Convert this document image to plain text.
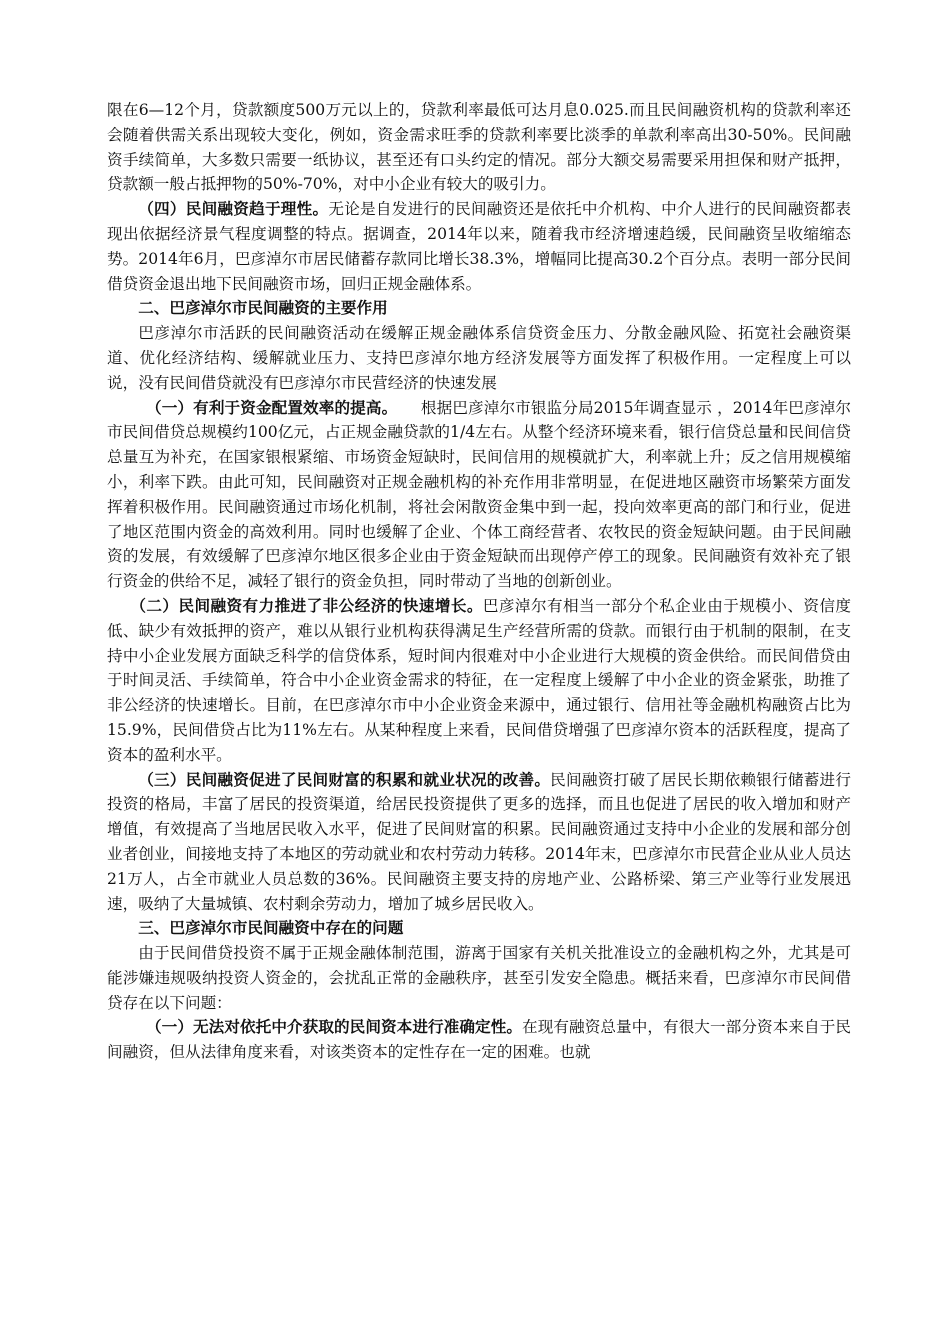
限在6—12个月，贷款额度500万元以上的，贷款利率最低可达月息0.025.而且民间融资机构的贷款利率还会随着供需关系出现较大变化，例如，资金需求旺季的贷款利率要比淡季的单款利率高出30-50%。民间融资手续简单，大多数只需要一纸协议，甚至还有口头约定的情况。部分大额交易需要采用担保和财产抵押，贷款额一般占抵押物的50%-70%，对中小企业有较大的吸引力。

（四）民间融资趋于理性。无论是自发进行的民间融资还是依托中介机构、中介人进行的民间融资都表现出依据经济景气程度调整的特点。据调查，2014年以来，随着我市经济增速趋缓，民间融资呈收缩缩态势。2014年6月，巴彦淖尔市居民储蓄存款同比增长38.3%，增幅同比提高30.2个百分点。表明一部分民间借贷资金退出地下民间融资市场，回归正规金融体系。

二、巴彦淖尔市民间融资的主要作用

巴彦淖尔市活跃的民间融资活动在缓解正规金融体系信贷资金压力、分散金融风险、拓宽社会融资渠道、优化经济结构、缓解就业压力、支持巴彦淖尔地方经济发展等方面发挥了积极作用。一定程度上可以说，没有民间借贷就没有巴彦淖尔市民营经济的快速发展

（一）有利于资金配置效率的提高。　　根据巴彦淖尔市银监分局2015年调查显示 ，2014年巴彦淖尔市民间借贷总规模约100亿元，占正规金融贷款的1/4左右。从整个经济环境来看，银行信贷总量和民间信贷总量互为补充，在国家银根紧缩、市场资金短缺时，民间信用的规模就扩大，利率就上升；反之信用规模缩小，利率下跌。由此可知，民间融资对正规金融机构的补充作用非常明显，在促进地区融资市场繁荣方面发挥着积极作用。民间融资通过市场化机制，将社会闲散资金集中到一起，投向效率更高的部门和行业，促进了地区范围内资金的高效利用。同时也缓解了企业、个体工商经营者、农牧民的资金短缺问题。由于民间融资的发展，有效缓解了巴彦淖尔地区很多企业由于资金短缺而出现停产停工的现象。民间融资有效补充了银行资金的供给不足，减轻了银行的资金负担，同时带动了当地的创新创业。

（二）民间融资有力推进了非公经济的快速增长。巴彦淖尔有相当一部分个私企业由于规模小、资信度低、缺少有效抵押的资产，难以从银行业机构获得满足生产经营所需的贷款。而银行由于机制的限制，在支持中小企业发展方面缺乏科学的信贷体系，短时间内很难对中小企业进行大规模的资金供给。而民间借贷由于时间灵活、手续简单，符合中小企业资金需求的特征，在一定程度上缓解了中小企业的资金紧张，助推了非公经济的快速增长。目前，在巴彦淖尔市中小企业资金来源中，通过银行、信用社等金融机构融资占比为15.9%，民间借贷占比为11%左右。从某种程度上来看，民间借贷增强了巴彦淖尔资本的活跃程度，提高了资本的盈利水平。

（三）民间融资促进了民间财富的积累和就业状况的改善。民间融资打破了居民长期依赖银行储蓄进行投资的格局，丰富了居民的投资渠道，给居民投资提供了更多的选择，而且也促进了居民的收入增加和财产增值，有效提高了当地居民收入水平，促进了民间财富的积累。民间融资通过支持中小企业的发展和部分创业者创业，间接地支持了本地区的劳动就业和农村劳动力转移。2014年末，巴彦淖尔市民营企业从业人员达21万人，占全市就业人员总数的36%。民间融资主要支持的房地产业、公路桥梁、第三产业等行业发展迅速，吸纳了大量城镇、农村剩余劳动力，增加了城乡居民收入。

三、巴彦淖尔市民间融资中存在的问题

由于民间借贷投资不属于正规金融体制范围，游离于国家有关机关批准设立的金融机构之外，尤其是可能涉嫌违规吸纳投资人资金的，会扰乱正常的金融秩序，甚至引发安全隐患。概括来看，巴彦淖尔市民间借贷存在以下问题：

（一）无法对依托中介获取的民间资本进行准确定性。在现有融资总量中，有很大一部分资本来自于民间融资，但从法律角度来看，对该类资本的定性存在一定的困难。也就
